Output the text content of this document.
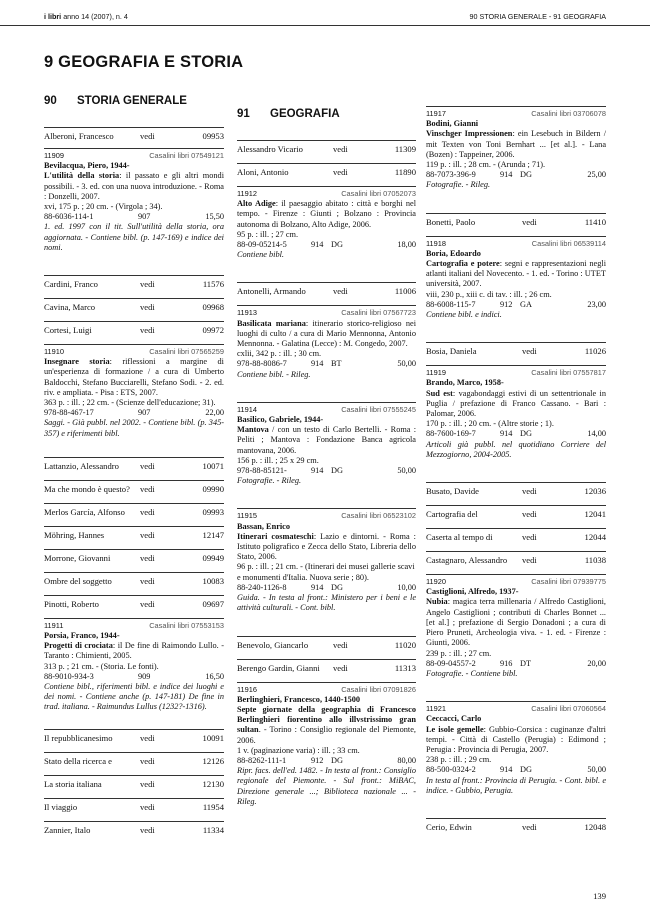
i libri anno 14 (2007), n. 4	90 STORIA GENERALE - 91 GEOGRAFIA
9 GEOGRAFIA E STORIA
90 STORIA GENERALE
Alberoni, Francesco	vedi	09953
11909	Casalini libri 07549121
Bevilacqua, Piero, 1944-
L'utilità della storia: il passato e gli altri mondi possibili. - 3. ed. con una nuova introduzione. - Roma : Donzelli, 2007.
xvi, 175 p. ; 20 cm. - (Virgola ; 34).
88-6036-114-1	907	15,50
1. ed. 1997 con il tit. Sull'utilità della storia, ora aggiornata. - Contiene bibl. (p. 147-169) e indice dei nomi.
Cardini, Franco	vedi	11576
Cavina, Marco	vedi	09968
Cortesi, Luigi	vedi	09972
11910	Casalini libri 07565259
Insegnare storia: riflessioni a margine di un'esperienza di formazione / a cura di Umberto Baldocchi, Stefano Bucciarelli, Stefano Sodi. - 2. ed. riv. e ampliata. - Pisa : ETS, 2007.
363 p. : ill. ; 22 cm. - (Scienze dell'educazione; 31).
978-88-467-17	907	22,00
Saggi. - Già pubbl. nel 2002. - Contiene bibl. (p. 345-357) e riferimenti bibl.
Lattanzio, Alessandro	vedi	10071
Ma che mondo è questo?	vedi	09990
Merlos García, Alfonso	vedi	09993
Möhring, Hannes	vedi	12147
Morrone, Giovanni	vedi	09949
Ombre del soggetto	vedi	10083
Pinotti, Roberto	vedi	09697
11911	Casalini libri 07553153
Porsia, Franco, 1944-
Progetti di crociata: il De fine di Raimondo Lullo. - Taranto : Chimienti, 2005.
313 p. ; 21 cm. - (Storia. Le fonti).
88-9010-934-3	909	16,50
Contiene bibl., riferimenti bibl. e indice dei luoghi e dei nomi. - Contiene anche (p. 147-181) De fine in trad. italiana. - Raimundus Lullus (1232?-1316).
Il repubblicanesimo	vedi	10091
Stato della ricerca e	vedi	12126
La storia italiana	vedi	12130
Il viaggio	vedi	11954
Zannier, Italo	vedi	11334
91 GEOGRAFIA
Alessandro Vicario	vedi	11309
Aloni, Antonio	vedi	11890
11912	Casalini libri 07052073
Alto Adige: il paesaggio abitato : città e borghi nel tempo. - Firenze : Giunti ; Bolzano : Provincia autonoma di Bolzano, Alto Adige, 2006.
95 p. : ill. ; 27 cm.
88-09-05214-5	914 DG	18,00
Contiene bibl.
Antonelli, Armando	vedi	11006
11913	Casalini libri 07567723
Basilicata mariana: itinerario storico-religioso nei luoghi di culto / a cura di Mario Mennonna, Antonio Mennonna. - Galatina (Lecce) : M. Congedo, 2007.
cxlii, 342 p. : ill. ; 30 cm.
978-88-8086-7	914 BT	50,00
Contiene bibl. - Rileg.
11914	Casalini libri 07555245
Basilico, Gabriele, 1944-
Mantova / con un testo di Carlo Bertelli. - Roma : Peliti ; Mantova : Fondazione Banca agricola mantovana, 2006.
156 p. : ill. ; 25 x 29 cm.
978-88-85121-	914 DG	50,00
Fotografie. - Rileg.
11915	Casalini libri 06523102
Bassan, Enrico
Itinerari cosmateschi: Lazio e dintorni. - Roma : Istituto poligrafico e Zecca dello Stato, Libreria dello Stato, 2006.
96 p. : ill. ; 21 cm. - (Itinerari dei musei gallerie scavi e monumenti d'Italia. Nuova serie ; 80).
88-240-1126-8	914 DG	10,00
Guida. - In testa al front.: Ministero per i beni e le attività culturali. - Cont. bibl.
Benevolo, Giancarlo	vedi	11020
Berengo Gardin, Gianni	vedi	11313
11916	Casalini libri 07091826
Berlinghieri, Francesco, 1440-1500
Septe giornate della geographia di Francesco Berlinghieri fiorentino allo illvstrissimo gran sultan. - Torino : Consiglio regionale del Piemonte, 2006.
1 v. (paginazione varia) : ill. ; 33 cm.
88-8262-111-1	912 DG	80,00
Ripr. facs. dell'ed. 1482. - In testa al front.: Consiglio regionale del Piemonte. - Sul front.: MiBAC, Direzione generale ...; Biblioteca nazionale ... - Rileg.
11917	Casalini libri 03706078
Bodini, Gianni
Vinschger Impressionen: ein Lesebuch in Bildern / mit Texten von Toni Bernhart ... [et al.]. - Lana (Bozen) : Tappeiner, 2006.
119 p. : ill. ; 28 cm. - (Arunda ; 71).
88-7073-396-9	914 DG	25,00
Fotografie. - Rileg.
Bonetti, Paolo	vedi	11410
11918	Casalini libri 06539114
Boria, Edoardo
Cartografia e potere: segni e rappresentazioni negli atlanti italiani del Novecento. - 1. ed. - Torino : UTET università, 2007.
viii, 230 p., xiii c. di tav. : ill. ; 26 cm.
88-6008-115-7	912 GA	23,00
Contiene bibl. e indici.
Bosia, Daniela	vedi	11026
11919	Casalini libri 07557817
Brando, Marco, 1958-
Sud est: vagabondaggi estivi di un settentrionale in Puglia / prefazione di Franco Cassano. - Bari : Palomar, 2006.
170 p. : ill. ; 20 cm. - (Altre storie ; 1).
88-7600-169-7	914 DG	14,00
Articoli già pubbl. nel quotidiano Corriere del Mezzogiorno, 2004-2005.
Busato, Davide	vedi	12036
Cartografia del	vedi	12041
Caserta al tempo di	vedi	12044
Castagnaro, Alessandro	vedi	11038
11920	Casalini libri 07939775
Castiglioni, Alfredo, 1937-
Nubia: magica terra millenaria / Alfredo Castiglioni, Angelo Castiglioni ; contributi di Charles Bonnet ... [et al.] ; prefazione di Sergio Donadoni ; a cura di Piero Pruneti, Archeologia viva. - 1. ed. - Firenze : Giunti, 2006.
239 p. : ill. ; 27 cm.
88-09-04557-2	916 DT	20,00
Fotografie. - Contiene bibl.
11921	Casalini libri 07060564
Ceccacci, Carlo
Le isole gemelle: Gubbio-Corsica : cuginanze d'altri tempi. - Città di Castello (Perugia) : Edimond ; Perugia : Provincia di Perugia, 2007.
238 p. : ill. ; 29 cm.
88-500-0324-2	914 DG	50,00
In testa al front.: Provincia di Perugia. - Cont. bibl. e indice. - Gubbio, Perugia.
Cerio, Edwin	vedi	12048
139
